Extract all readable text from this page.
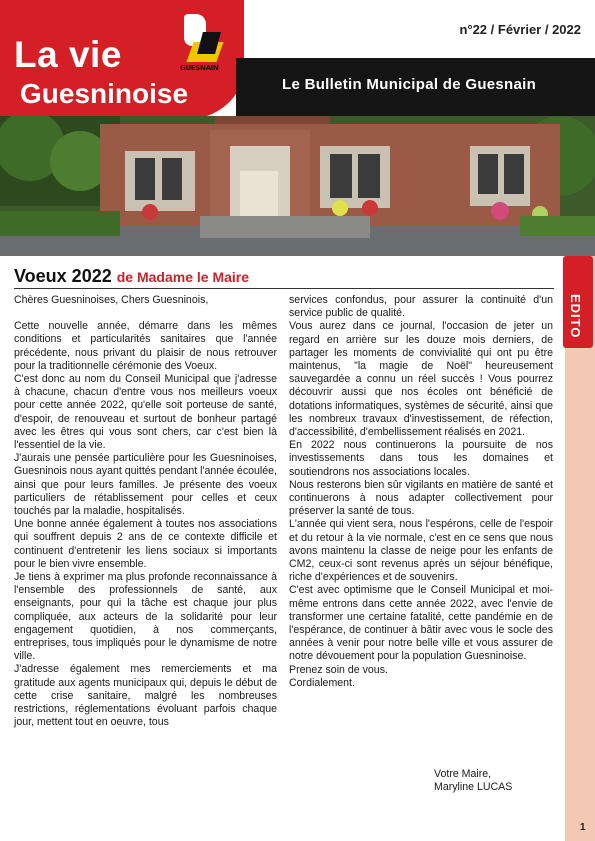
La vie
Guesninoise
GUESNAIN
n°22 / Février / 2022
Le Bulletin Municipal de Guesnain
EDITO
Voeux 2022 de Madame le Maire

Chères Guesninoises, Chers Guesninois,

Cette nouvelle année, démarre dans les mêmes conditions et particularités sanitaires que l'année précédente, nous privant du plaisir de nous retrouver pour la traditionnelle cérémonie des Voeux.

C'est donc au nom du Conseil Municipal que j'adresse à chacune, chacun d'entre vous nos meilleurs voeux pour cette année 2022, qu'elle soit porteuse de santé, d'espoir, de renouveau et surtout de bonheur partagé avec les êtres qui vous sont chers, car c'est bien là l'essentiel de la vie.

J'aurais une pensée particulière pour les Guesninoises, Guesninois nous ayant quittés pendant l'année écoulée, ainsi que pour leurs familles. Je présente des voeux particuliers de rétablissement pour celles et ceux touchés par la maladie, hospitalisés.

Une bonne année également à toutes nos associations qui souffrent depuis 2 ans de ce contexte difficile et continuent d'entretenir les liens sociaux si importants pour le bien vivre ensemble.

Je tiens à exprimer ma plus profonde reconnaissance à l'ensemble des professionnels de santé, aux enseignants, pour qui la tâche est chaque jour plus compliquée, aux acteurs de la solidarité pour leur engagement quotidien, à nos commerçants, entreprises, tous impliqués pour le dynamisme de notre ville.

J'adresse également mes remerciements et ma gratitude aux agents municipaux qui, depuis le début de cette crise sanitaire, malgré les nombreuses restrictions, réglementations évoluant parfois chaque jour, mettent tout en oeuvre, tous

services confondus, pour assurer la continuité d'un service public de qualité.

Vous aurez dans ce journal, l'occasion de jeter un regard en arrière sur les douze mois derniers, de partager les moments de convivialité qui ont pu être maintenus, "la magie de Noël" heureusement sauvegardée a connu un réel succès ! Vous pourrez découvrir aussi que nos écoles ont bénéficié de dotations informatiques, systèmes de sécurité, ainsi que les nombreux travaux d'investissement, de réfection, d'accessibilité, d'embellissement réalisés en 2021.

En 2022 nous continuerons la poursuite de nos investissements dans tous les domaines et soutiendrons nos associations locales.

Nous resterons bien sûr vigilants en matière de santé et continuerons à nous adapter collectivement pour préserver la santé de tous.

L'année qui vient sera, nous l'espérons, celle de l'espoir et du retour à la vie normale, c'est en ce sens que nous avons maintenu la classe de neige pour les enfants de CM2, ceux-ci sont revenus après un séjour bénéfique, riche d'expériences et de souvenirs.

C'est avec optimisme que le Conseil Municipal et moi-même entrons dans cette année 2022, avec l'envie de transformer une certaine fatalité, cette pandémie en de l'espérance, de continuer à bâtir avec vous le socle des années à venir pour notre belle ville et vous assurer de notre dévouement pour la population Guesninoise.

Prenez soin de vous.

Cordialement.

Votre Maire,
Maryline LUCAS
1
